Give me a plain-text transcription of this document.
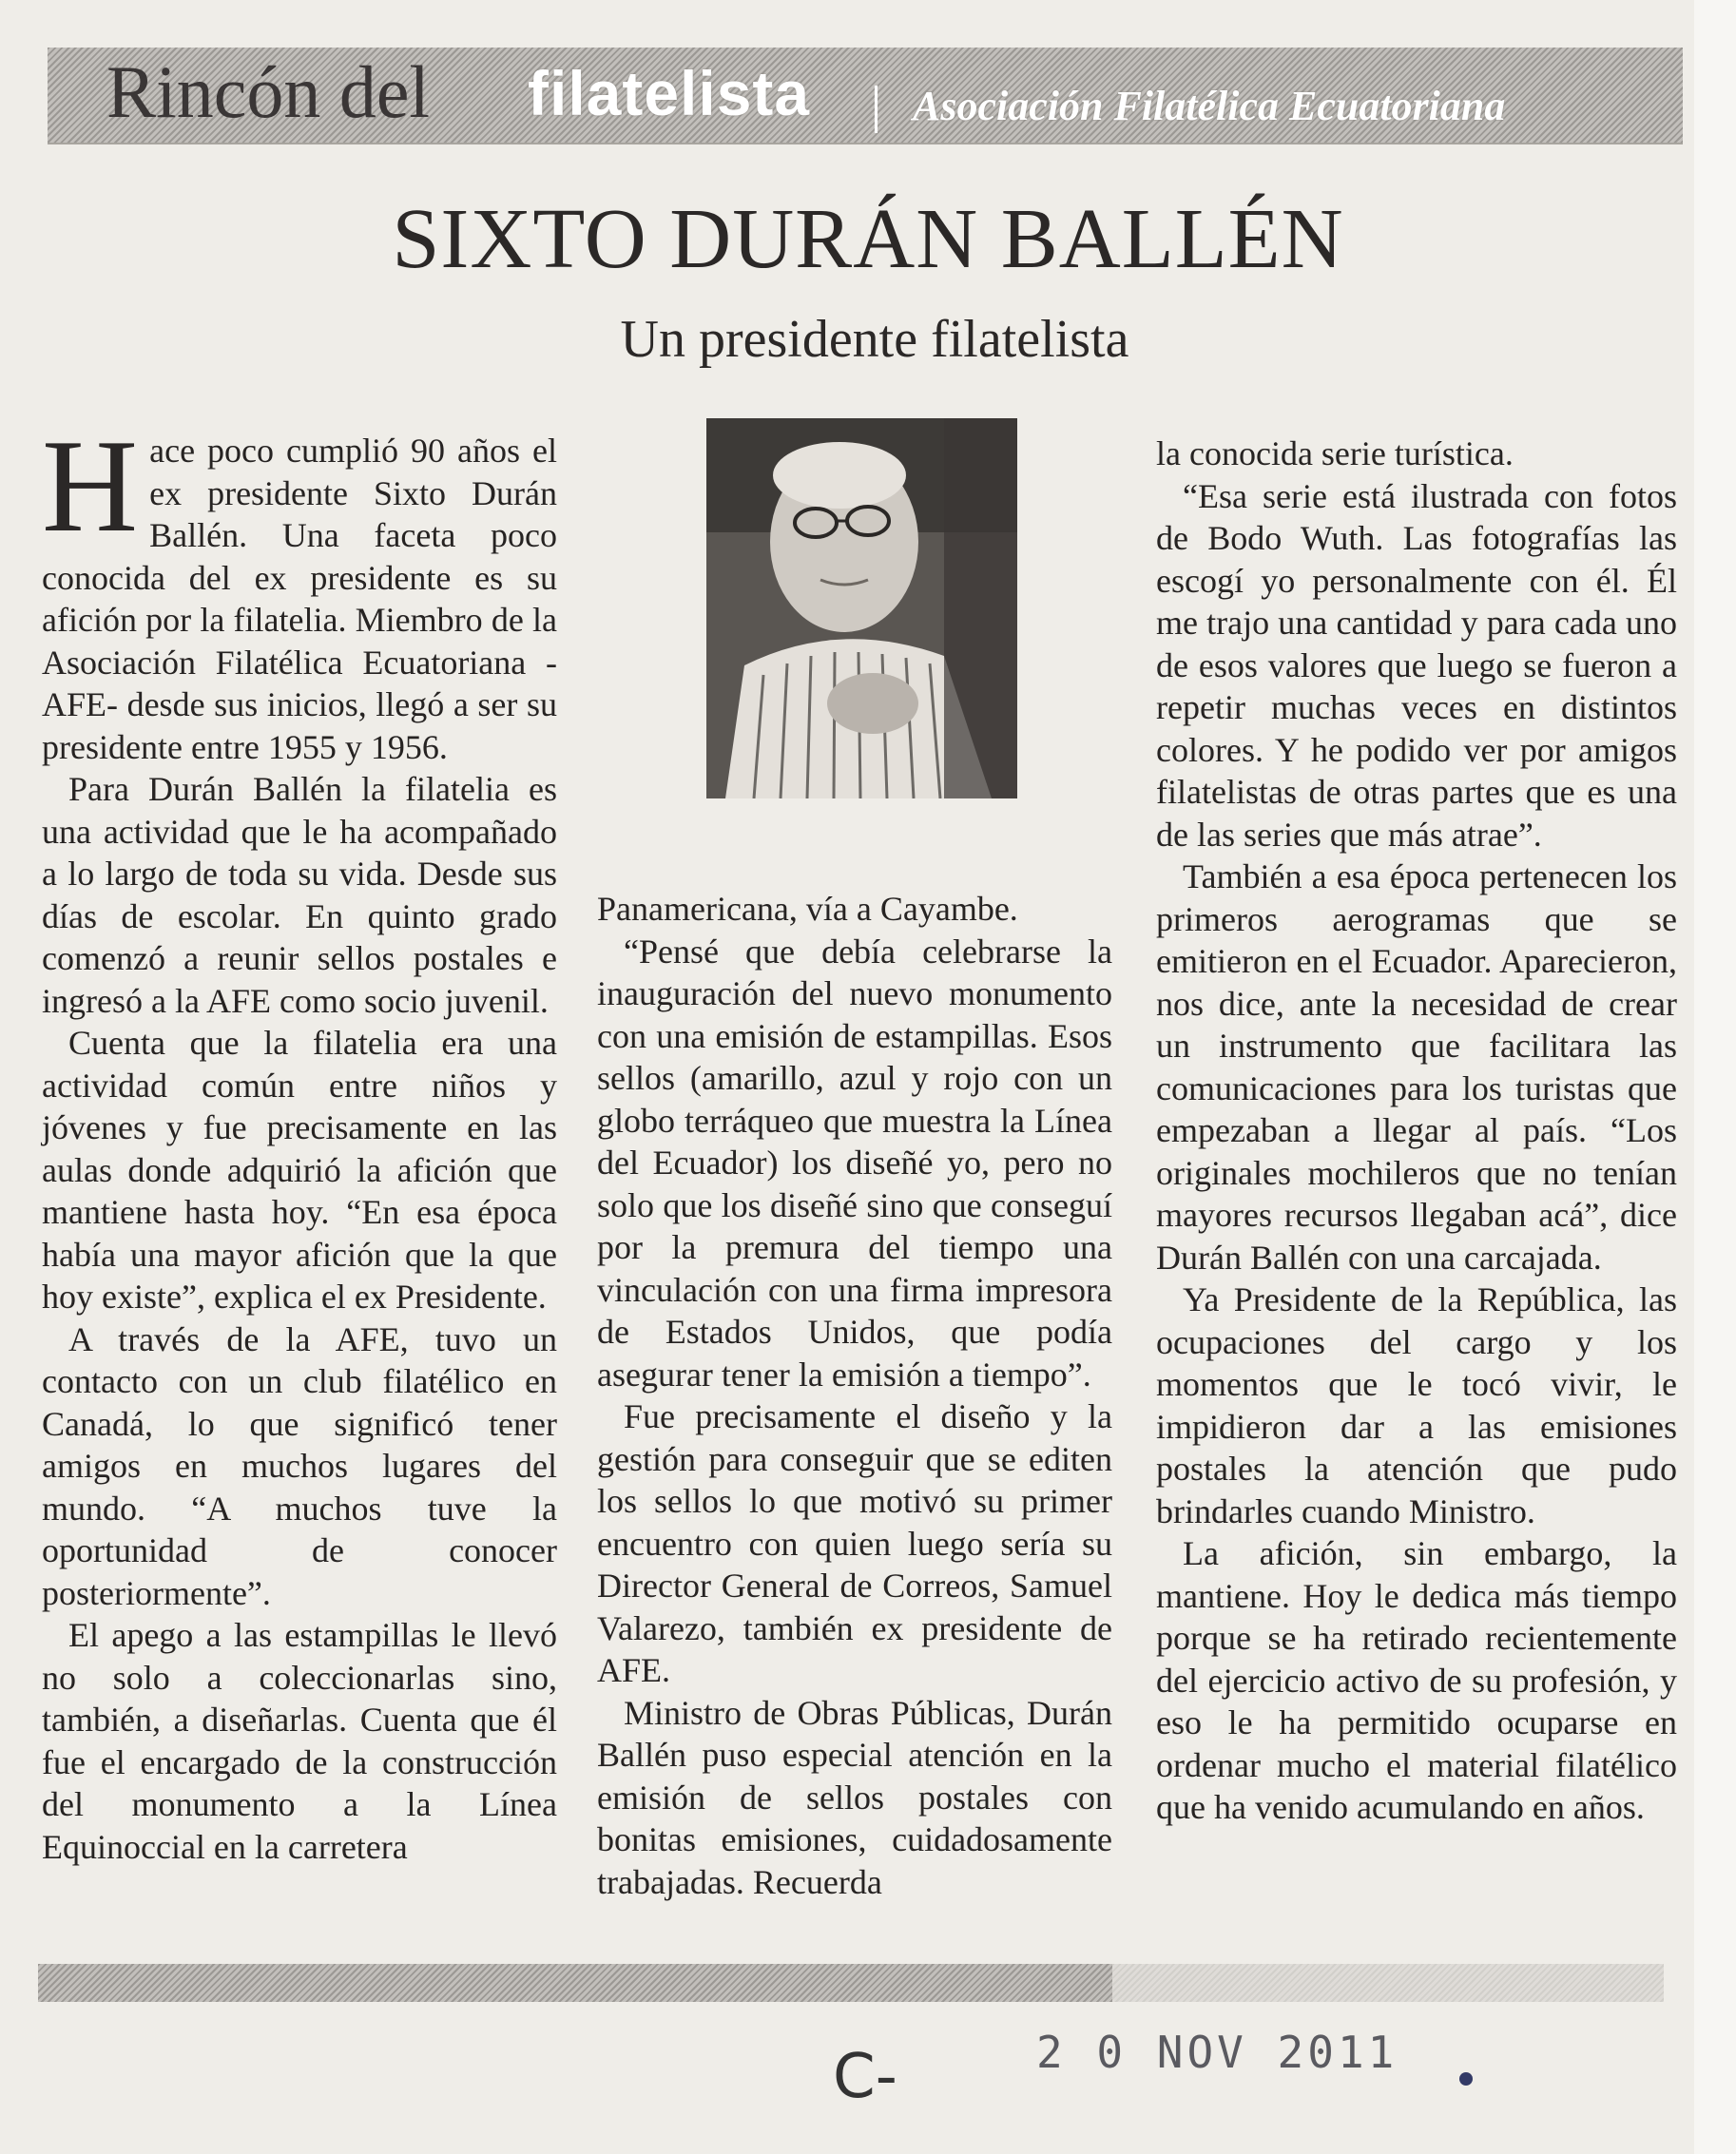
Rincón del filatelista Asociación Filatélica Ecuatoriana
SIXTO DURÁN BALLÉN
Un presidente filatelista
H ace poco cumplió 90 años el ex presidente Sixto Durán Ballén. Una faceta poco conocida del ex presidente es su afición por la filatelia. Miembro de la Asociación Filatélica Ecuatoriana -AFE- desde sus inicios, llegó a ser su presidente entre 1955 y 1956.

Para Durán Ballén la filatelia es una actividad que le ha acompañado a lo largo de toda su vida. Desde sus días de escolar. En quinto grado comenzó a reunir sellos postales e ingresó a la AFE como socio juvenil.

Cuenta que la filatelia era una actividad común entre niños y jóvenes y fue precisamente en las aulas donde adquirió la afición que mantiene hasta hoy. “En esa época había una mayor afición que la que hoy existe”, explica el ex Presidente.

A través de la AFE, tuvo un contacto con un club filatélico en Canadá, lo que significó tener amigos en muchos lugares del mundo. “A muchos tuve la oportunidad de conocer posteriormente”.

El apego a las estampillas le llevó no solo a coleccionarlas sino, también, a diseñarlas. Cuenta que él fue el encargado de la construcción del monumento a la Línea Equinoccial en la carretera

Panamericana, vía a Cayambe.

“Pensé que debía celebrarse la inauguración del nuevo monumento con una emisión de estampillas. Esos sellos (amarillo, azul y rojo con un globo terráqueo que muestra la Línea del Ecuador) los diseñé yo, pero no solo que los diseñé sino que conseguí por la premura del tiempo una vinculación con una firma impresora de Estados Unidos, que podía asegurar tener la emisión a tiempo”.

Fue precisamente el diseño y la gestión para conseguir que se editen los sellos lo que motivó su primer encuentro con quien luego sería su Director General de Correos, Samuel Valarezo, también ex presidente de AFE.

Ministro de Obras Públicas, Durán Ballén puso especial atención en la emisión de sellos postales con bonitas emisiones, cuidadosamente trabajadas. Recuerda

la conocida serie turística.

“Esa serie está ilustrada con fotos de Bodo Wuth. Las fotografías las escogí yo personalmente con él. Él me trajo una cantidad y para cada uno de esos valores que luego se fueron a repetir muchas veces en distintos colores. Y he podido ver por amigos filatelistas de otras partes que es una de las series que más atrae”.

También a esa época pertenecen los primeros aerogramas que se emitieron en el Ecuador. Aparecieron, nos dice, ante la necesidad de crear un instrumento que facilitara las comunicaciones para los turistas que empezaban a llegar al país. “Los originales mochileros que no tenían mayores recursos llegaban acá”, dice Durán Ballén con una carcajada.

Ya Presidente de la República, las ocupaciones del cargo y los momentos que le tocó vivir, le impidieron dar a las emisiones postales la atención que pudo brindarles cuando Ministro.

La afición, sin embargo, la mantiene. Hoy le dedica más tiempo porque se ha retirado recientemente del ejercicio activo de su profesión, y eso le ha permitido ocuparse en ordenar mucho el material filatélico que ha venido acumulando en años.

C-	2 0 NOV 2011
